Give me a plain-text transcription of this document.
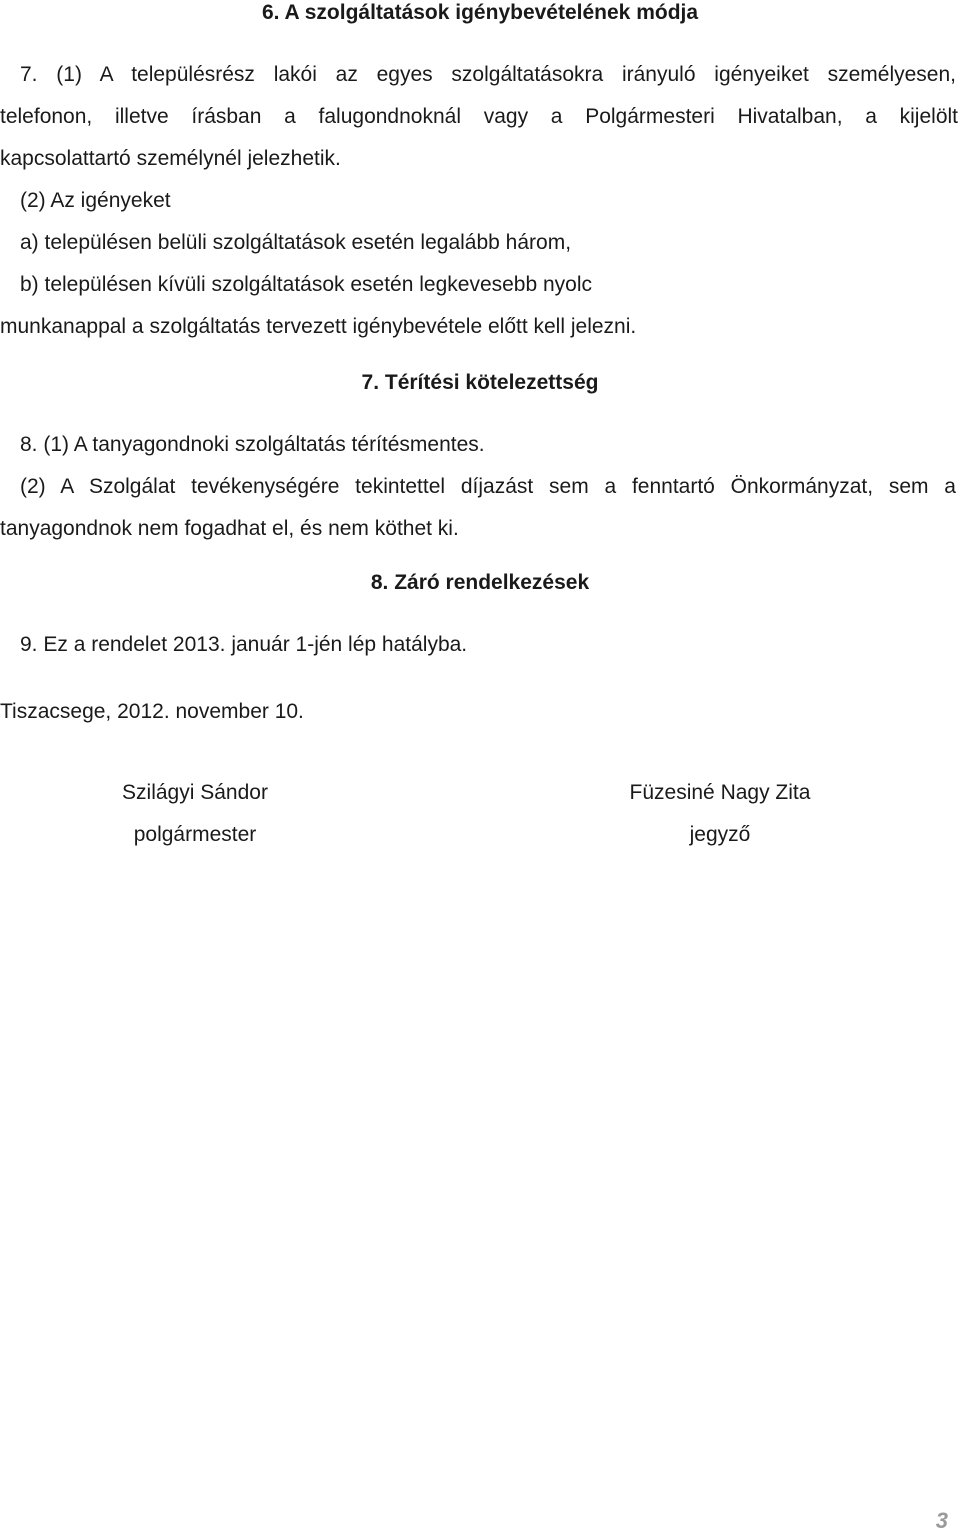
6. A szolgáltatások igénybevételének módja
7. (1) A településrész lakói az egyes szolgáltatásokra irányuló igényeiket személyesen,
telefonon, illetve írásban a falugondnoknál vagy a Polgármesteri Hivatalban, a kijelölt
kapcsolattartó személynél jelezhetik.
(2) Az igényeket
a) településen belüli szolgáltatások esetén legalább három,
b) településen kívüli szolgáltatások esetén legkevesebb nyolc
munkanappal a szolgáltatás tervezett igénybevétele előtt kell jelezni.
7. Térítési kötelezettség
8. (1) A tanyagondnoki szolgáltatás térítésmentes.
(2) A Szolgálat tevékenységére tekintettel díjazást sem a fenntartó Önkormányzat, sem a
tanyagondnok nem fogadhat el, és nem köthet ki.
8. Záró rendelkezések
9. Ez a rendelet 2013. január 1-jén lép hatályba.
Tiszacsege, 2012. november 10.
Szilágyi Sándor
polgármester
Füzesiné Nagy Zita
jegyző
3
